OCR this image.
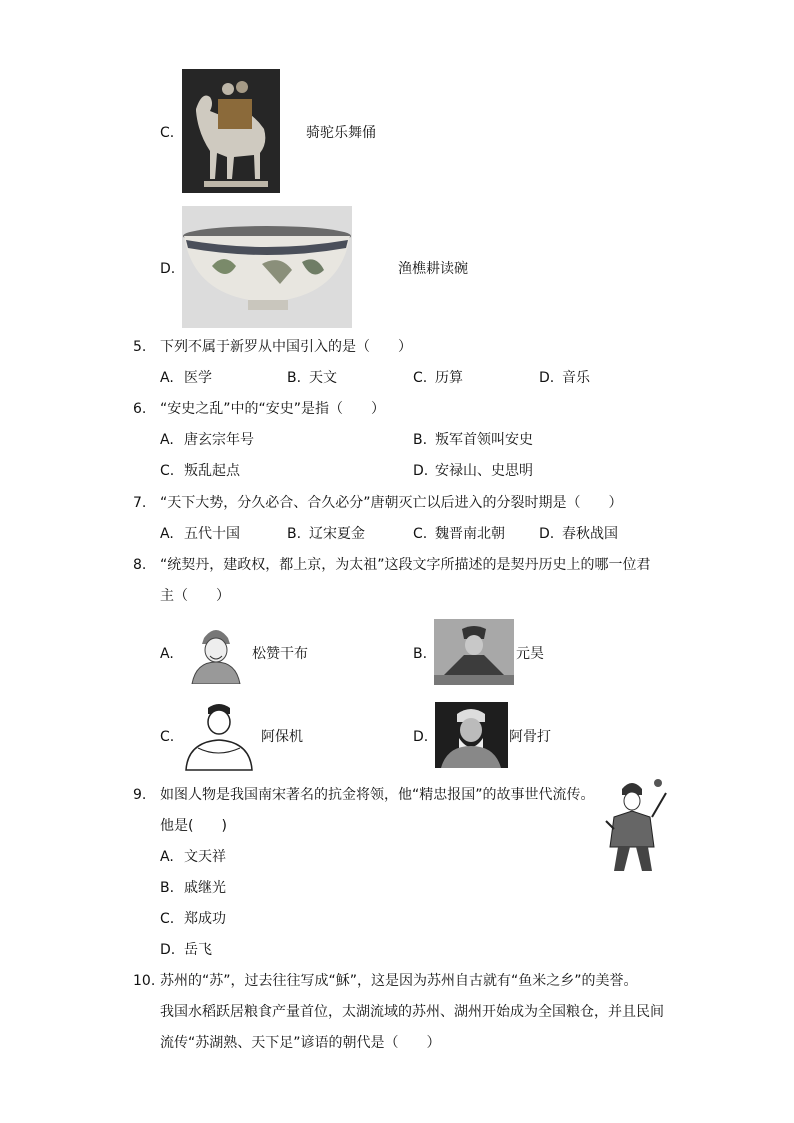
C.	骑驼乐舞俑
D.	渔樵耕读碗
5. 下列不属于新罗从中国引入的是（　　）
A. 医学	B. 天文	C. 历算	D. 音乐
6. “安史之乱”中的“安史”是指（　　）
A. 唐玄宗年号	B. 叛军首领叫安史
C. 叛乱起点	D. 安禄山、史思明
7. “天下大势，分久必合、合久必分”唐朝灭亡以后进入的分裂时期是（　　）
A. 五代十国	B. 辽宋夏金	C. 魏晋南北朝 D. 春秋战国
8. “统契丹，建政权，都上京，为太祖”这段文字所描述的是契丹历史上的哪一位君
主（　　）
A.	松赞干布	B.	元昊
C.	阿保机	D.	阿骨打
9. 如图人物是我国南宋著名的抗金将领，他“精忠报国”的故事世代流传。
他是(　　)
A. 文天祥
B. 戚继光
C. 郑成功
D. 岳飞
10. 苏州的“苏”，过去往往写成“穌”，这是因为苏州自古就有“鱼米之乡”的美誉。
我国水稻跃居粮食产量首位，太湖流域的苏州、湖州开始成为全国粮仓，并且民间
流传“苏湖熟、天下足”谚语的朝代是（　　）
